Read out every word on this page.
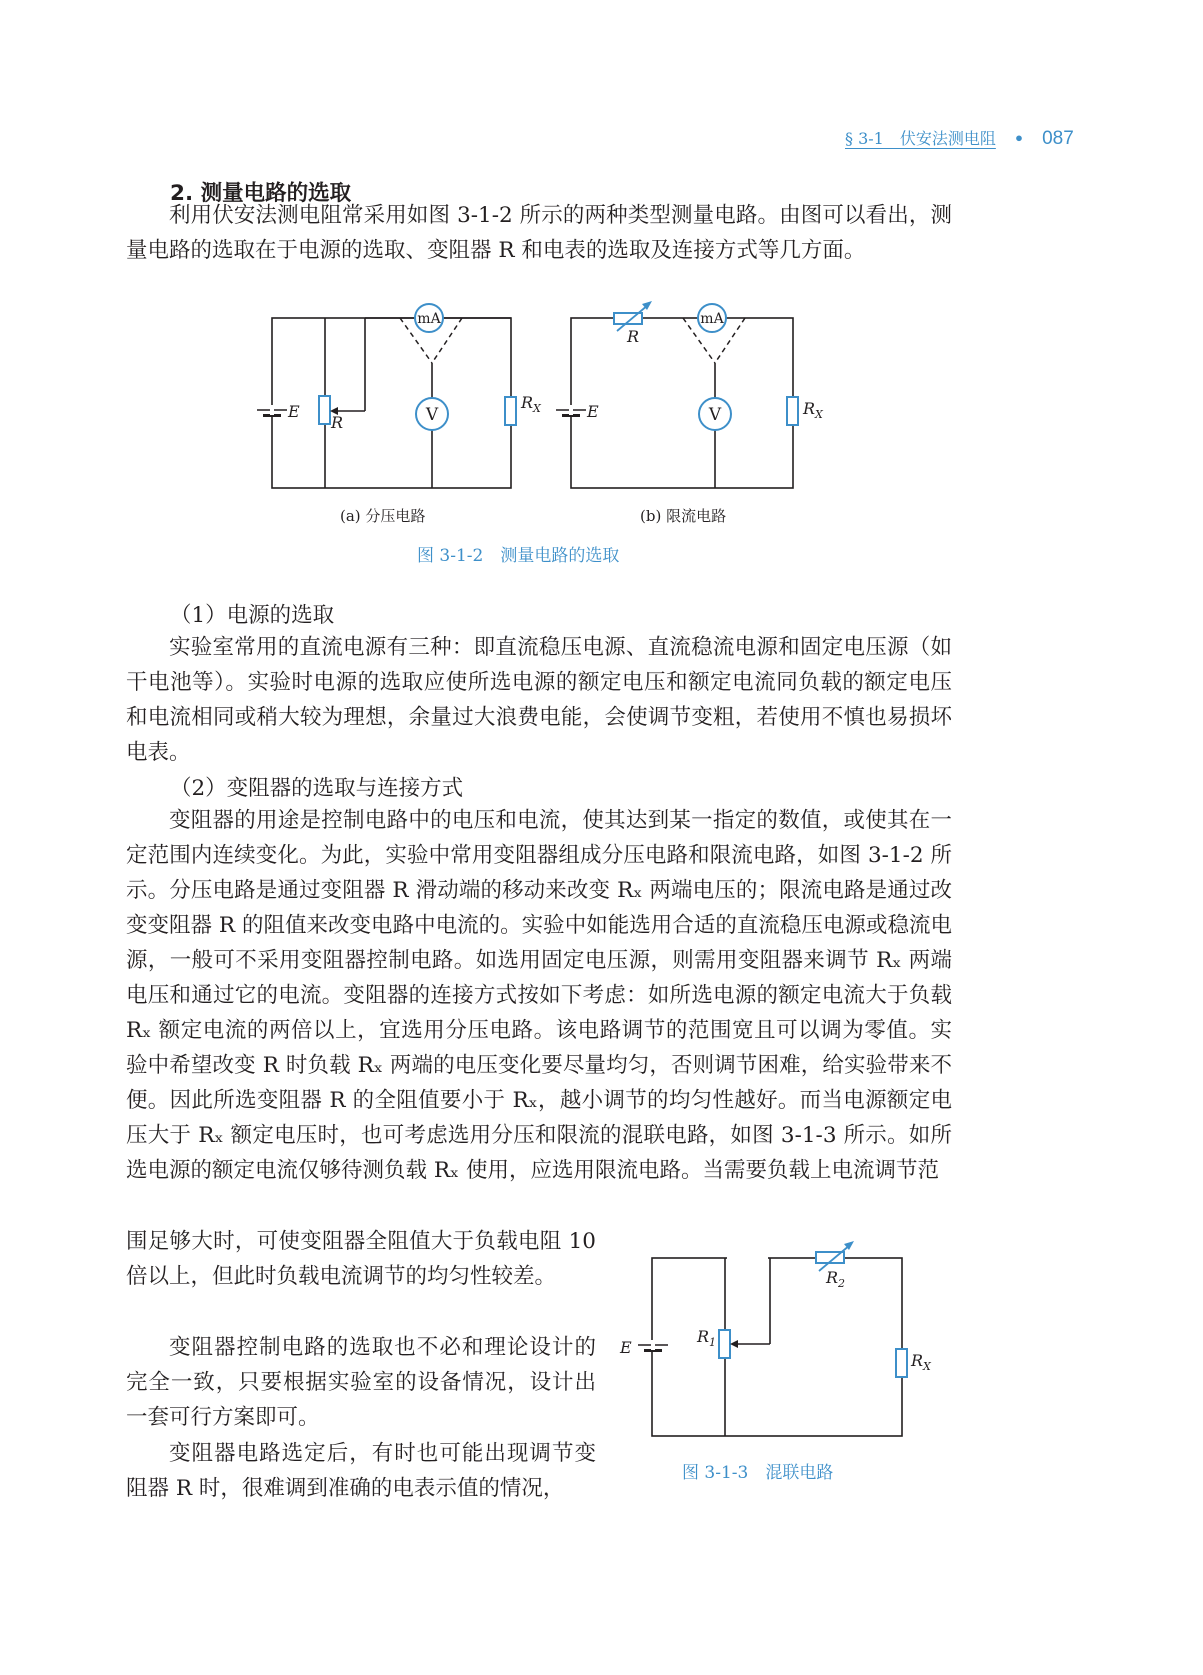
§ 3-1　伏安法测电阻 • 087
2. 测量电路的选取

利用伏安法测电阻常采用如图 3-1-2 所示的两种类型测量电路。由图可以看出，测量电路的选取在于电源的选取、变阻器 R 和电表的选取及连接方式等几方面。

E
R
$R_X$
mA
V	E
R
$R_X$
mA
V
E
$R_1$
$R_2$
$R_X$
(a) 分压电路	(b) 限流电路
图 3-1-2　测量电路的选取
（1）电源的选取

实验室常用的直流电源有三种：即直流稳压电源、直流稳流电源和固定电压源（如干电池等）。实验时电源的选取应使所选电源的额定电压和额定电流同负载的额定电压和电流相同或稍大较为理想，余量过大浪费电能，会使调节变粗，若使用不慎也易损坏电表。

（2）变阻器的选取与连接方式

变阻器的用途是控制电路中的电压和电流，使其达到某一指定的数值，或使其在一定范围内连续变化。为此，实验中常用变阻器组成分压电路和限流电路，如图 3-1-2 所示。分压电路是通过变阻器 R 滑动端的移动来改变 Rₓ 两端电压的；限流电路是通过改变变阻器 R 的阻值来改变电路中电流的。实验中如能选用合适的直流稳压电源或稳流电源，一般可不采用变阻器控制电路。如选用固定电压源，则需用变阻器来调节 Rₓ 两端电压和通过它的电流。变阻器的连接方式按如下考虑：如所选电源的额定电流大于负载 Rₓ 额定电流的两倍以上，宜选用分压电路。该电路调节的范围宽且可以调为零值。实验中希望改变 R 时负载 Rₓ 两端的电压变化要尽量均匀，否则调节困难，给实验带来不便。因此所选变阻器 R 的全阻值要小于 Rₓ，越小调节的均匀性越好。而当电源额定电压大于 Rₓ 额定电压时，也可考虑选用分压和限流的混联电路，如图 3-1-3 所示。如所选电源的额定电流仅够待测负载 Rₓ 使用，应选用限流电路。当需要负载上电流调节范

围足够大时，可使变阻器全阻值大于负载电阻 10 倍以上，但此时负载电流调节的均匀性较差。

变阻器控制电路的选取也不必和理论设计的完全一致，只要根据实验室的设备情况，设计出一套可行方案即可。

变阻器电路选定后，有时也可能出现调节变阻器 R 时，很难调到准确的电表示值的情况，

图 3-1-3　混联电路
